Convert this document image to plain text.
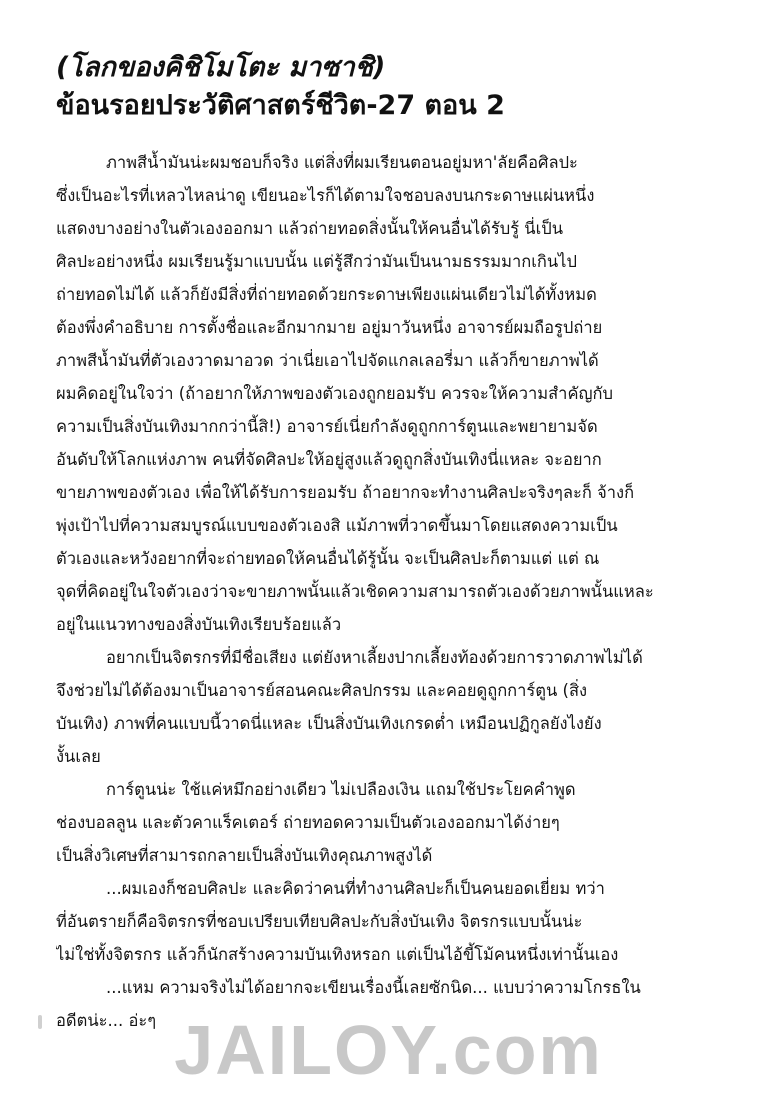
(โลกของคิชิโมโตะ มาซาชิ)
ข้อนรอยประวัติศาสตร์ชีวิต-27 ตอน 2
ภาพสีน้ำมันน่ะผมชอบก็จริง แต่สิ่งที่ผมเรียนตอนอยู่มหา'ลัยคือศิลปะ
ซึ่งเป็นอะไรที่เหลวไหลน่าดู เขียนอะไรก็ได้ตามใจชอบลงบนกระดาษแผ่นหนึ่ง
แสดงบางอย่างในตัวเองออกมา แล้วถ่ายทอดสิ่งนั้นให้คนอื่นได้รับรู้ นี่เป็น
ศิลปะอย่างหนึ่ง ผมเรียนรู้มาแบบนั้น แต่รู้สึกว่ามันเป็นนามธรรมมากเกินไป
ถ่ายทอดไม่ได้ แล้วก็ยังมีสิ่งที่ถ่ายทอดด้วยกระดาษเพียงแผ่นเดียวไม่ได้ทั้งหมด
ต้องพึ่งคำอธิบาย การตั้งชื่อและอีกมากมาย อยู่มาวันหนึ่ง อาจารย์ผมถือรูปถ่าย
ภาพสีน้ำมันที่ตัวเองวาดมาอวด ว่าเนี่ยเอาไปจัดแกลเลอรี่มา แล้วก็ขายภาพได้
ผมคิดอยู่ในใจว่า (ถ้าอยากให้ภาพของตัวเองถูกยอมรับ ควรจะให้ความสำคัญกับ
ความเป็นสิ่งบันเทิงมากกว่านี้สิ!) อาจารย์เนี่ยกำลังดูถูกการ์ตูนและพยายามจัด
อันดับให้โลกแห่งภาพ คนที่จัดศิลปะให้อยู่สูงแล้วดูถูกสิ่งบันเทิงนี่แหละ จะอยาก
ขายภาพของตัวเอง เพื่อให้ได้รับการยอมรับ ถ้าอยากจะทำงานศิลปะจริงๆละก็ จ้างก็
พุ่งเป้าไปที่ความสมบูรณ์แบบของตัวเองสิ แม้ภาพที่วาดขึ้นมาโดยแสดงความเป็น
ตัวเองและหวังอยากที่จะถ่ายทอดให้คนอื่นได้รู้นั้น จะเป็นศิลปะก็ตามแต่ แต่ ณ
จุดที่คิดอยู่ในใจตัวเองว่าจะขายภาพนั้นแล้วเชิดความสามารถตัวเองด้วยภาพนั้นแหละ
อยู่ในแนวทางของสิ่งบันเทิงเรียบร้อยแล้ว
อยากเป็นจิตรกรที่มีชื่อเสียง แต่ยังหาเลี้ยงปากเลี้ยงท้องด้วยการวาดภาพไม่ได้
จึงช่วยไม่ได้ต้องมาเป็นอาจารย์สอนคณะศิลปกรรม และคอยดูถูกการ์ตูน (สิ่ง
บันเทิง) ภาพที่คนแบบนี้วาดนี่แหละ เป็นสิ่งบันเทิงเกรดต่ำ เหมือนปฏิกูลยังไงยัง
งั้นเลย
การ์ตูนน่ะ ใช้แค่หมึกอย่างเดียว ไม่เปลืองเงิน แถมใช้ประโยคคำพูด
ช่องบอลลูน และตัวคาแร็คเตอร์ ถ่ายทอดความเป็นตัวเองออกมาได้ง่ายๆ
เป็นสิ่งวิเศษที่สามารถกลายเป็นสิ่งบันเทิงคุณภาพสูงได้
...ผมเองก็ชอบศิลปะ และคิดว่าคนที่ทำงานศิลปะก็เป็นคนยอดเยี่ยม ทว่า
ที่อันตรายก็คือจิตรกรที่ชอบเปรียบเทียบศิลปะกับสิ่งบันเทิง จิตรกรแบบนั้นน่ะ
ไม่ใช่ทั้งจิตรกร แล้วก็นักสร้างความบันเทิงหรอก แต่เป็นไอ้ขี้โม้คนหนึ่งเท่านั้นเอง
...แหม ความจริงไม่ได้อยากจะเขียนเรื่องนี้เลยซักนิด... แบบว่าความโกรธใน
อดีตน่ะ... อ่ะๆ JAILOY.com
